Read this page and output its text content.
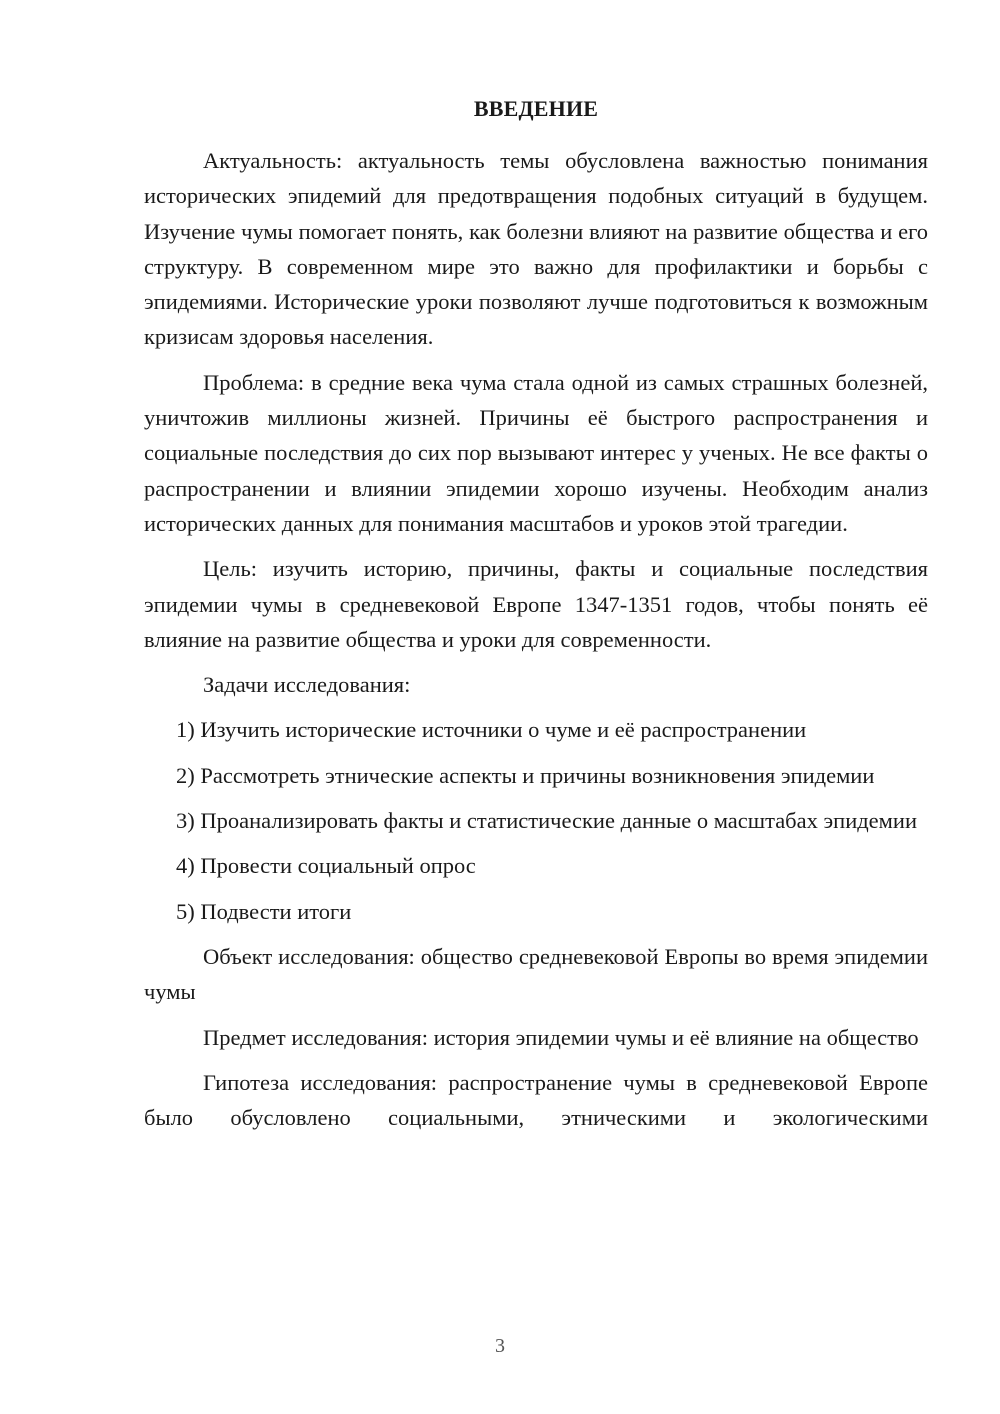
ВВЕДЕНИЕ

Актуальность: актуальность темы обусловлена важностью понимания исторических эпидемий для предотвращения подобных ситуаций в будущем. Изучение чумы помогает понять, как болезни влияют на развитие общества и его структуру. В современном мире это важно для профилактики и борьбы с эпидемиями. Исторические уроки позволяют лучше подготовиться к возможным кризисам здоровья населения.

Проблема: в средние века чума стала одной из самых страшных болезней, уничтожив миллионы жизней. Причины её быстрого распространения и социальные последствия до сих пор вызывают интерес у ученых. Не все факты о распространении и влиянии эпидемии хорошо изучены. Необходим анализ исторических данных для понимания масштабов и уроков этой трагедии.

Цель: изучить историю, причины, факты и социальные последствия эпидемии чумы в средневековой Европе 1347-1351 годов, чтобы понять её влияние на развитие общества и уроки для современности.

Задачи исследования:

1) Изучить исторические источники о чуме и её распространении

2) Рассмотреть этнические аспекты и причины возникновения эпидемии

3) Проанализировать факты и статистические данные о масштабах эпидемии

4) Провести социальный опрос

5) Подвести итоги

Объект исследования: общество средневековой Европы во время эпидемии чумы

Предмет исследования: история эпидемии чумы и её влияние на общество

Гипотеза исследования: распространение чумы в средневековой Европе было обусловлено социальными, этническими и экологическими

3
